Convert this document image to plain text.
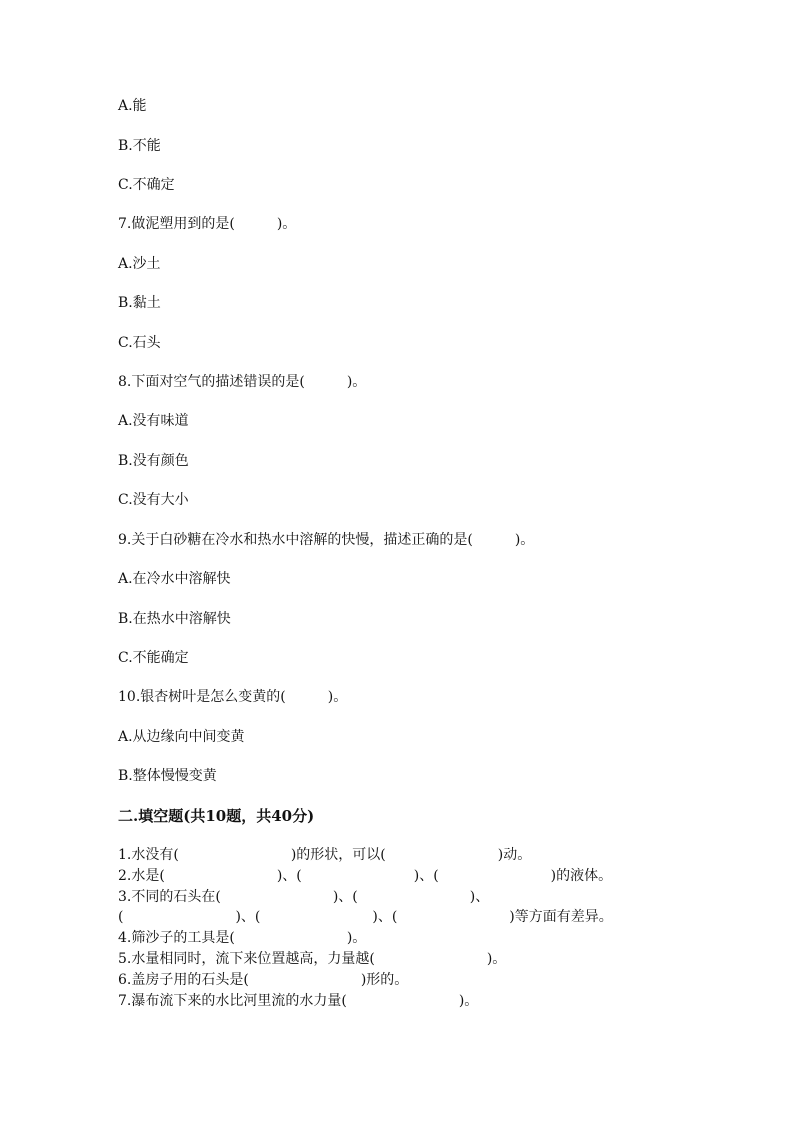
A.能
B.不能
C.不确定
7.做泥塑用到的是(　　　)。
A.沙土
B.黏土
C.石头
8.下面对空气的描述错误的是(　　　)。
A.没有味道
B.没有颜色
C.没有大小
9.关于白砂糖在冷水和热水中溶解的快慢，描述正确的是(　　　)。
A.在冷水中溶解快
B.在热水中溶解快
C.不能确定
10.银杏树叶是怎么变黄的(　　　)。
A.从边缘向中间变黄
B.整体慢慢变黄
二.填空题(共10题，共40分)
1.水没有(　　　　　　　　)的形状，可以(　　　　　　　　)动。
2.水是(　　　　　　　　)、(　　　　　　　　)、(　　　　　　　　)的液体。
3.不同的石头在(　　　　　　　　)、(　　　　　　　　)、
(　　　　　　　　)、(　　　　　　　　)、(　　　　　　　　)等方面有差异。
4.筛沙子的工具是(　　　　　　　　)。
5.水量相同时，流下来位置越高，力量越(　　　　　　　　)。
6.盖房子用的石头是(　　　　　　　　)形的。
7.瀑布流下来的水比河里流的水力量(　　　　　　　　)。
